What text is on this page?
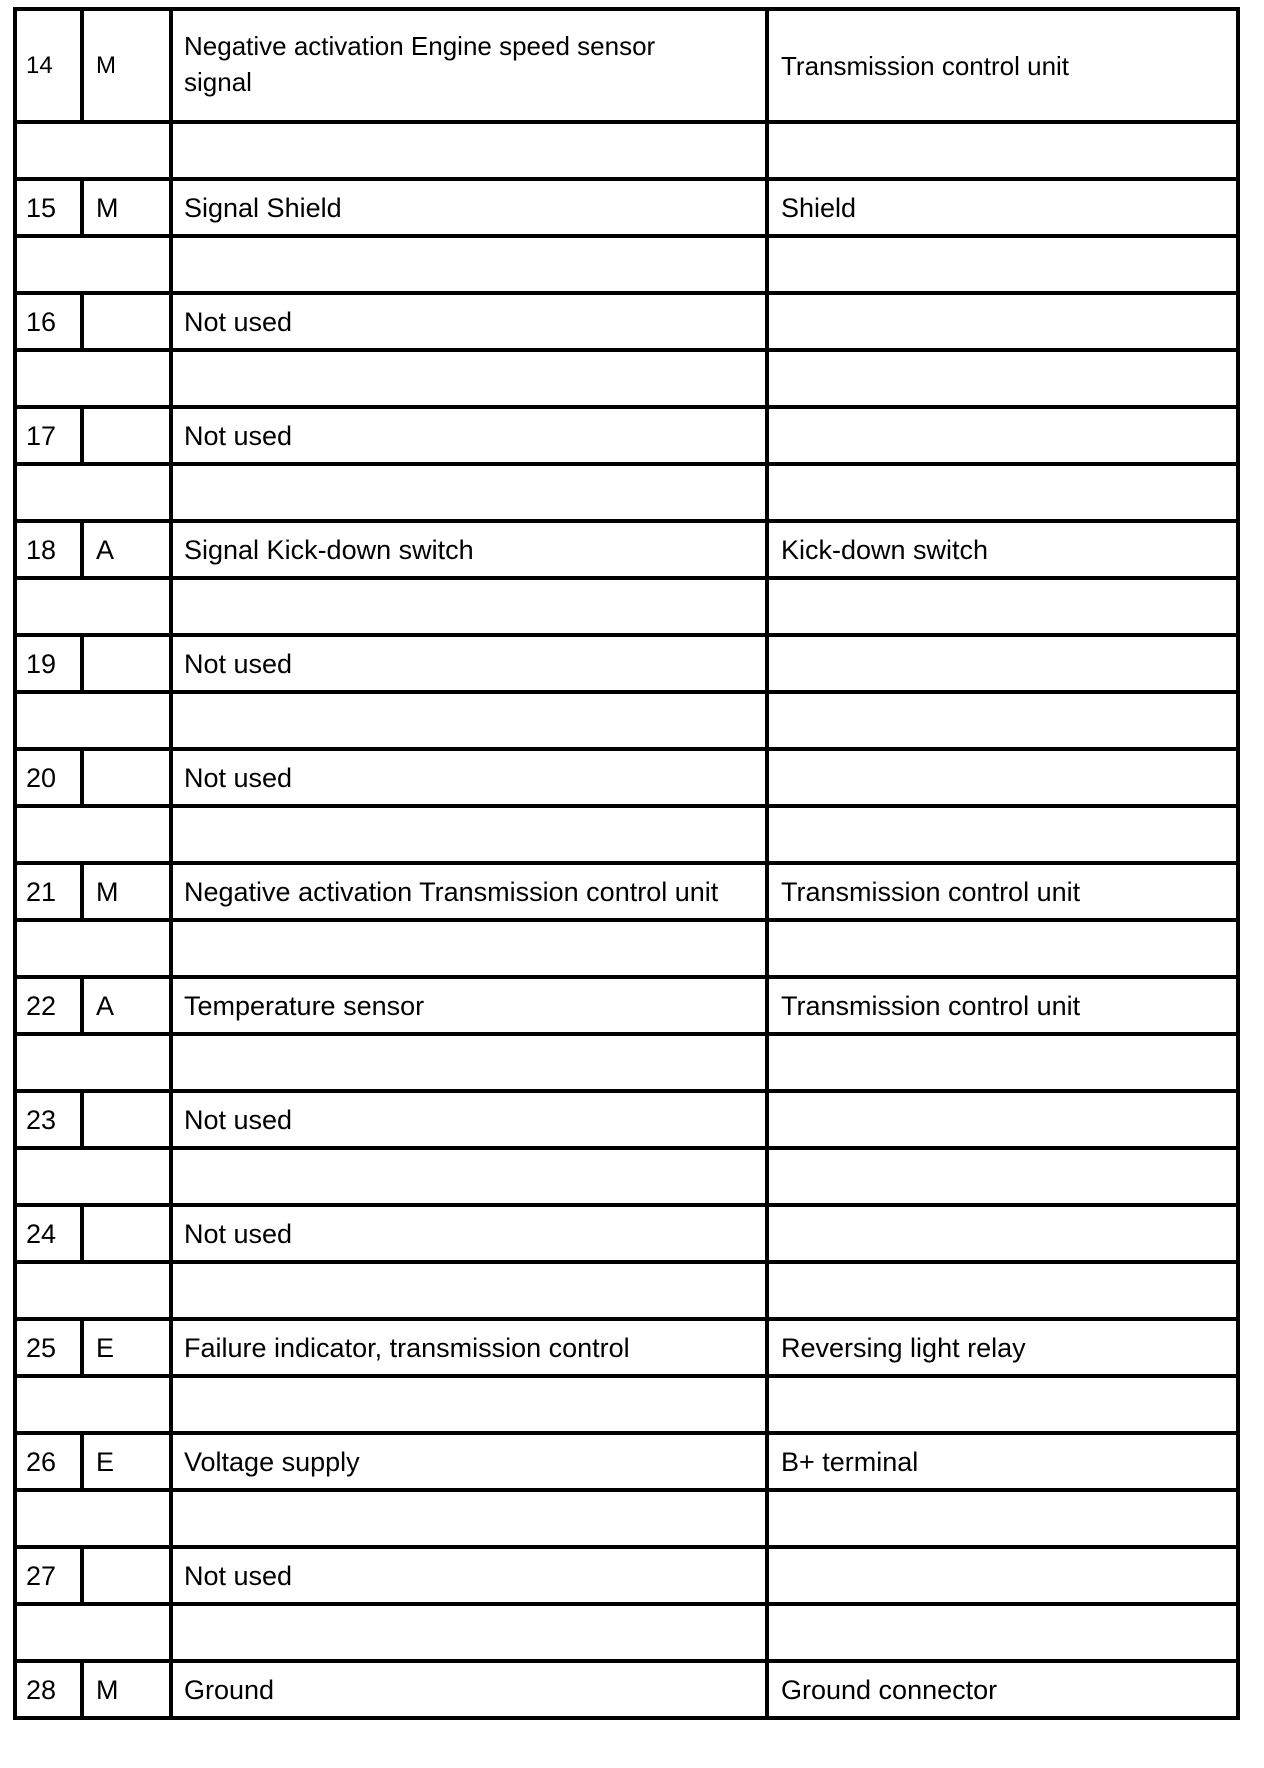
14	M	Negative activation Engine speed sensor signal	Transmission control unit

15	M	Signal Shield	Shield

16		Not used	

17		Not used	

18	A	Signal Kick-down switch	Kick-down switch

19		Not used	

20		Not used	

21	M	Negative activation Transmission control unit	Transmission control unit

22	A	Temperature sensor	Transmission control unit

23		Not used	

24		Not used	

25	E	Failure indicator, transmission control	Reversing light relay

26	E	Voltage supply	B+ terminal

27		Not used	

28	M	Ground	Ground connector
